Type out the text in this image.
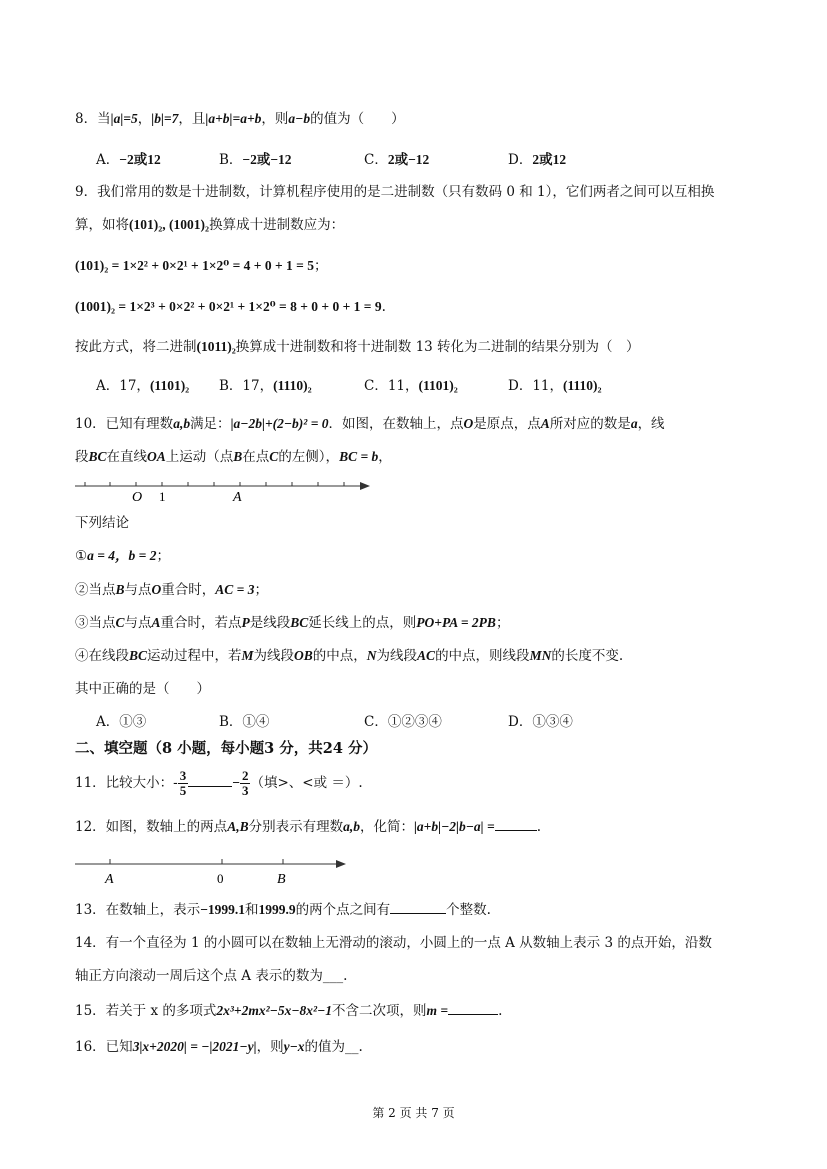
8．当|a|=5，|b|=7，且|a+b|=a+b，则a−b的值为（　　）
A．−2或12	B．−2或−12	C．2或−12	D．2或12
9．我们常用的数是十进制数，计算机程序使用的是二进制数（只有数码 0 和 1），它们两者之间可以互相换
算，如将(101)₂, (1001)₂换算成十进制数应为：
(101)₂ = 1×2² + 0×2¹ + 1×2⁰ = 4 + 0 + 1 = 5；
(1001)₂ = 1×2³ + 0×2² + 0×2¹ + 1×2⁰ = 8 + 0 + 0 + 1 = 9.
按此方式，将二进制(1011)₂换算成十进制数和将十进制数 13 转化为二进制的结果分别为（　）
A．17，(1101)₂ B．17，(1110)₂	C．11，(1101)₂	D．11，(1110)₂
10．已知有理数a,b满足：|a−2b|+(2−b)² = 0．如图，在数轴上，点O是原点，点A所对应的数是a，线
段BC在直线OA上运动（点B在点C的左侧），BC = b，
O 1	A
下列结论
①a = 4，b = 2；
②当点B与点O重合时，AC = 3；
③当点C与点A重合时，若点P是线段BC延长线上的点，则PO+PA = 2PB；
④在线段BC运动过程中，若M为线段OB的中点，N为线段AC的中点，则线段MN的长度不变.
其中正确的是（　　）
A．①③	B．①④	C．①②③④	D．①③④
二、填空题（8 小题，每小题3 分，共24 分）
11．比较大小：- $\frac{3}{5}$	− $\frac{2}{3}$ （填>、<或 ＝）.
12．如图，数轴上的两点A,B分别表示有理数a,b，化简：|a+b|−2|b−a| =	.
A	0	B
13．在数轴上，表示−1999.1和1999.9的两个点之间有	个整数.
14．有一个直径为 1 的小圆可以在数轴上无滑动的滚动，小圆上的一点 A 从数轴上表示 3 的点开始，沿数
轴正方向滚动一周后这个点 A 表示的数为___.
15．若关于 x 的多项式2x³+2mx²−5x−8x²−1不含二次项，则m =	.
16．已知3|x+2020| = −|2021−y|，则y−x的值为__.
第 2 页 共 7 页
